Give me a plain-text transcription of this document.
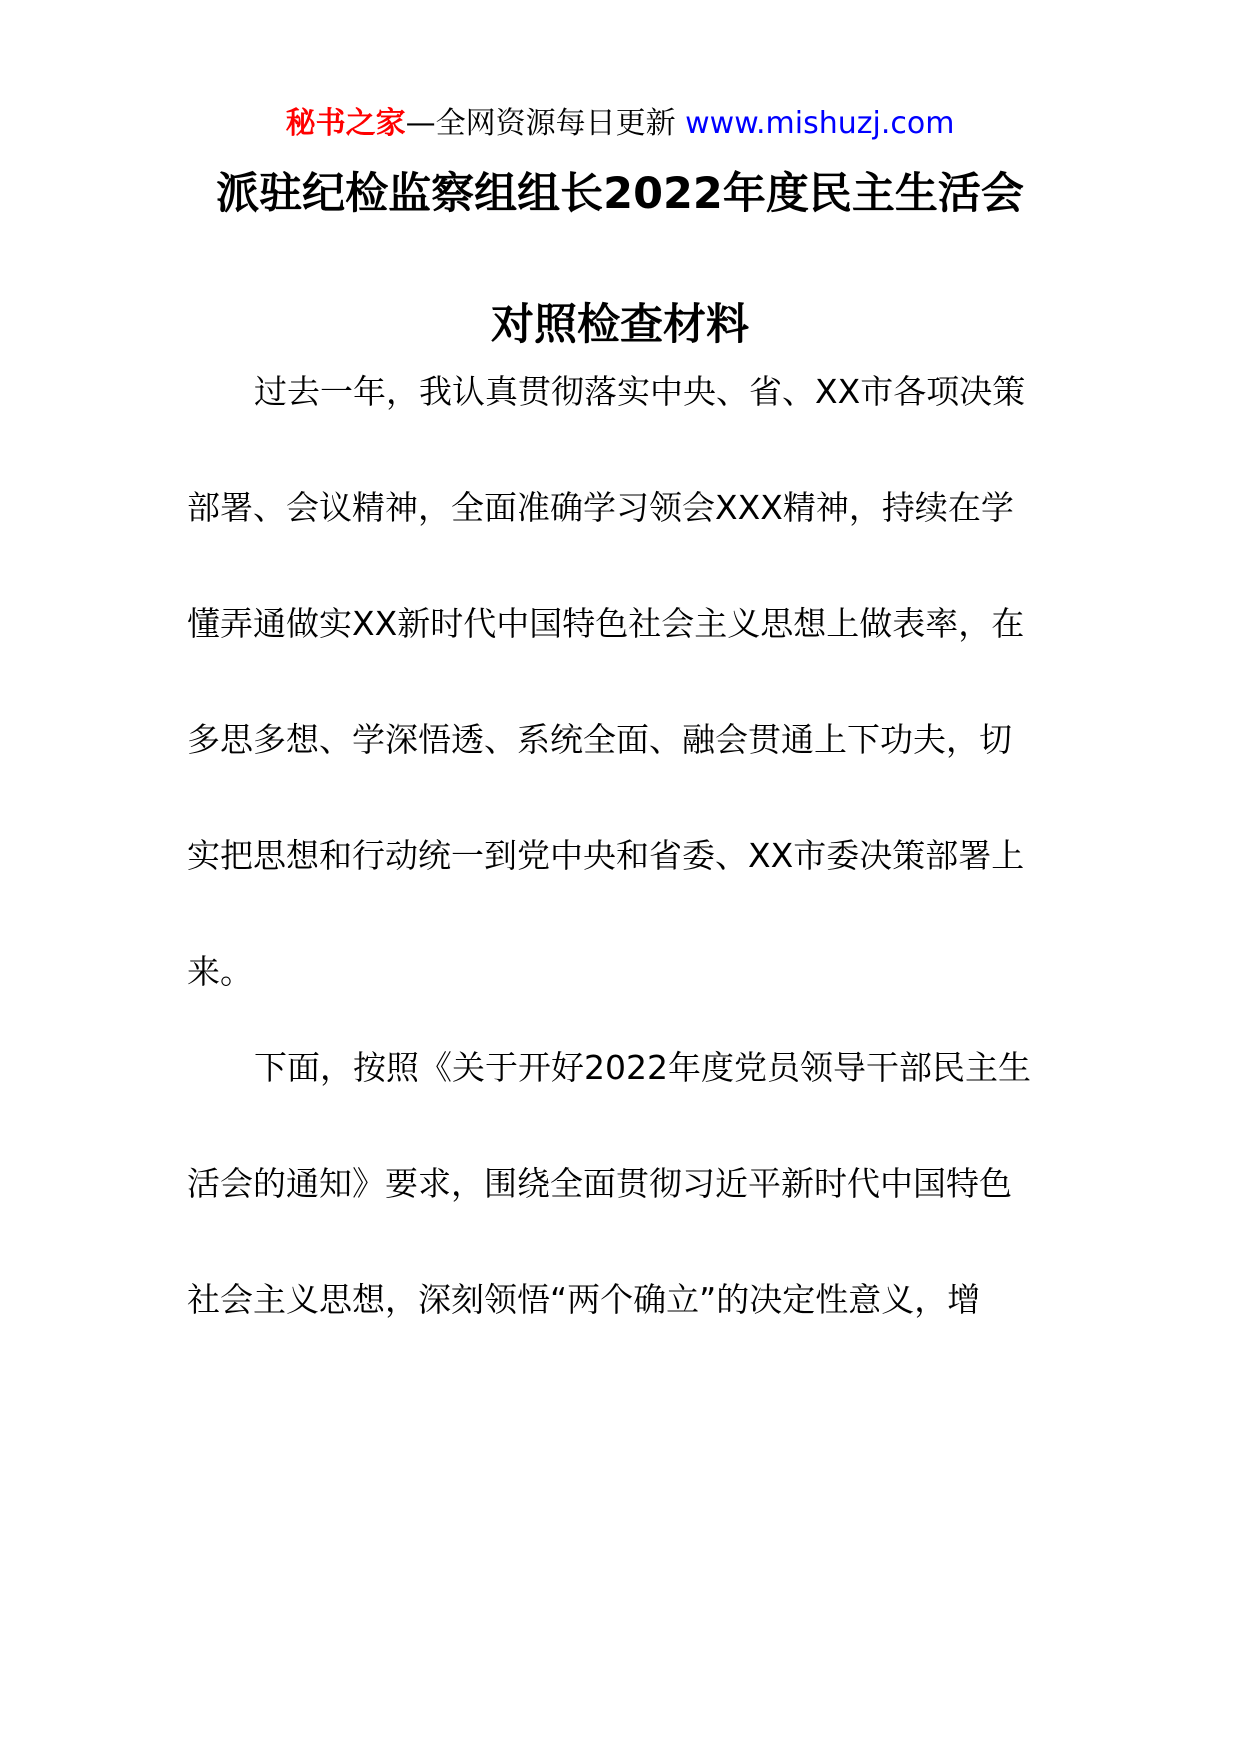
秘书之家—全网资源每日更新 www.mishuzj.com
派驻纪检监察组组长2022年度民主生活会
对照检查材料
过去一年，我认真贯彻落实中央、省、XX市各项决策
部署、会议精神，全面准确学习领会XXX精神，持续在学
懂弄通做实XX新时代中国特色社会主义思想上做表率，在
多思多想、学深悟透、系统全面、融会贯通上下功夫，切
实把思想和行动统一到党中央和省委、XX市委决策部署上
来。
下面，按照《关于开好2022年度党员领导干部民主生
活会的通知》要求，围绕全面贯彻习近平新时代中国特色
社会主义思想，深刻领悟“两个确立”的决定性意义，增
